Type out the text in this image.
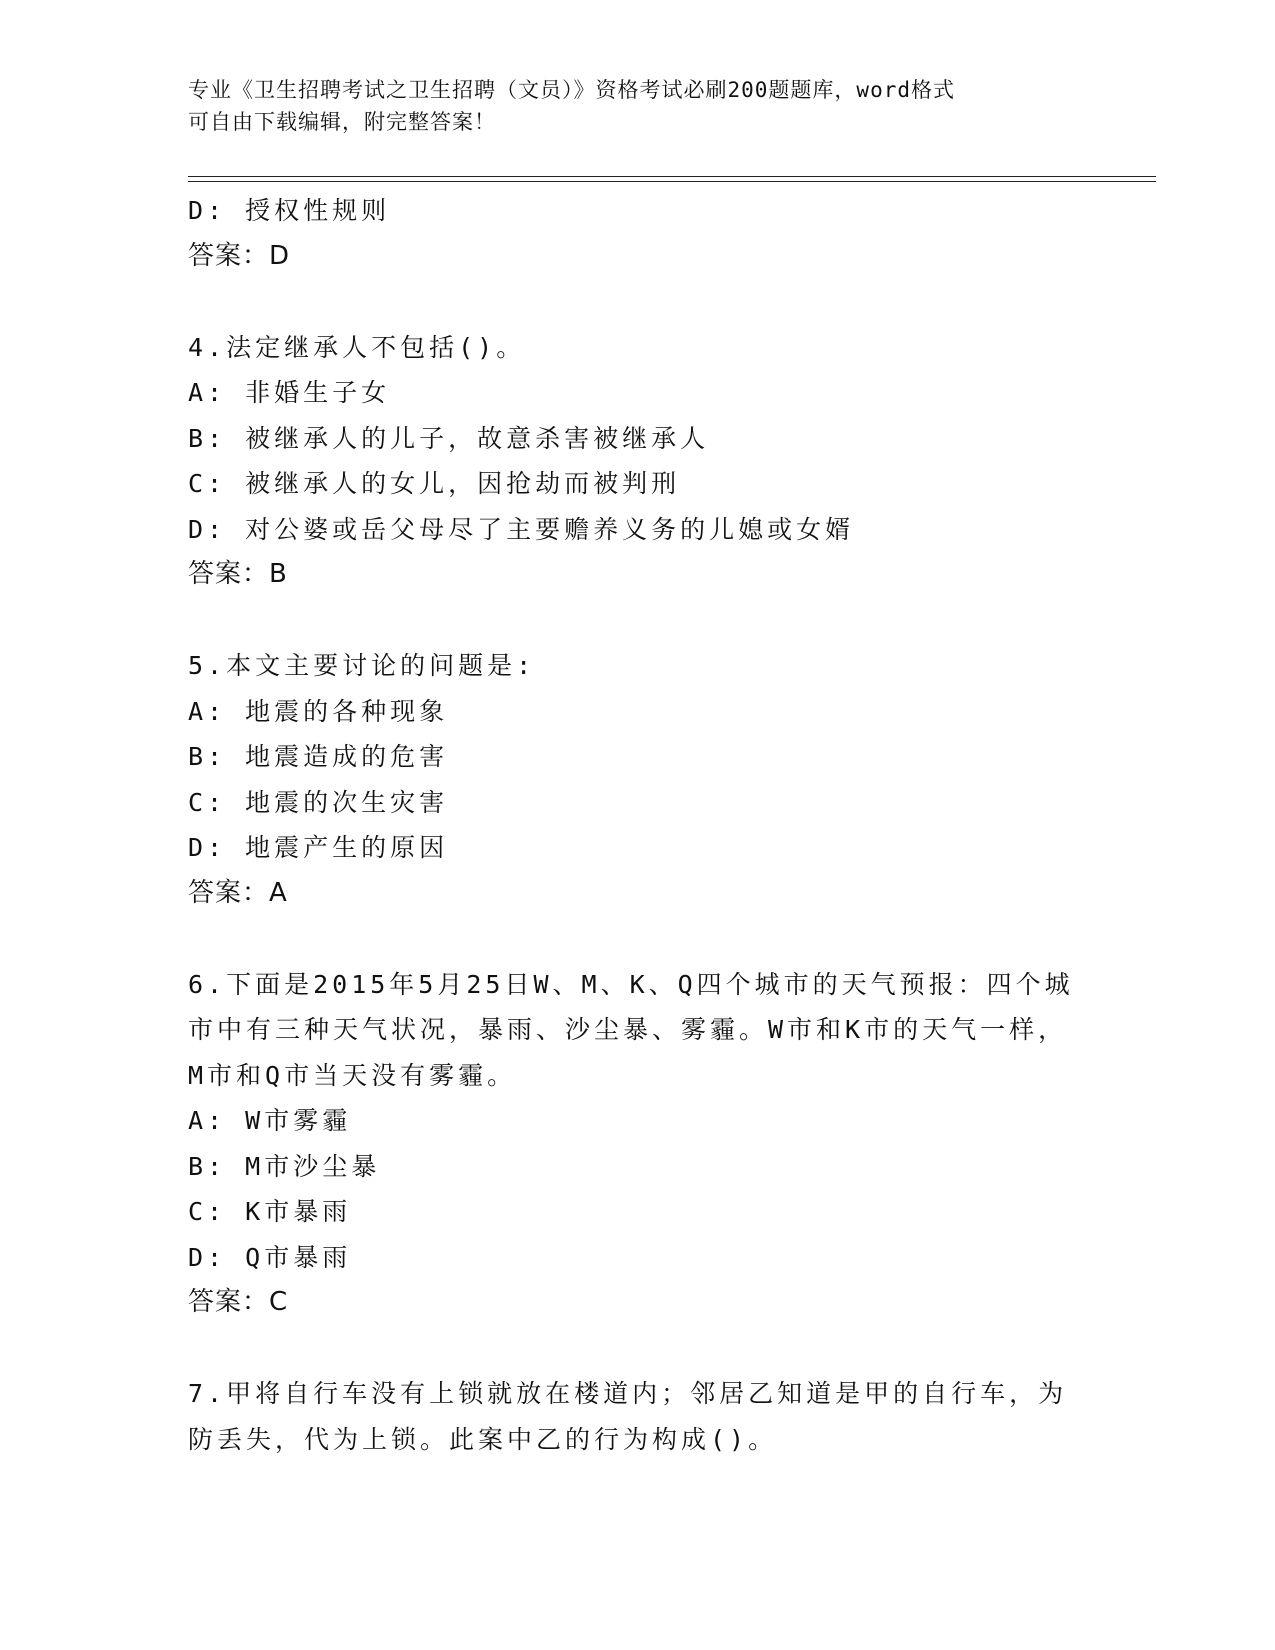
专业《卫生招聘考试之卫生招聘（文员）》资格考试必刷200题题库，word格式
可自由下载编辑，附完整答案！
D: 授权性规则
答案：D
4.法定继承人不包括()。
A: 非婚生子女
B: 被继承人的儿子，故意杀害被继承人
C: 被继承人的女儿，因抢劫而被判刑
D: 对公婆或岳父母尽了主要赡养义务的儿媳或女婿
答案：B
5.本文主要讨论的问题是:
A: 地震的各种现象
B: 地震造成的危害
C: 地震的次生灾害
D: 地震产生的原因
答案：A
6.下面是2015年5月25日W、M、K、Q四个城市的天气预报：四个城
市中有三种天气状况，暴雨、沙尘暴、雾霾。W市和K市的天气一样，
M市和Q市当天没有雾霾。
A: W市雾霾
B: M市沙尘暴
C: K市暴雨
D: Q市暴雨
答案：C
7.甲将自行车没有上锁就放在楼道内；邻居乙知道是甲的自行车，为
防丢失，代为上锁。此案中乙的行为构成()。
